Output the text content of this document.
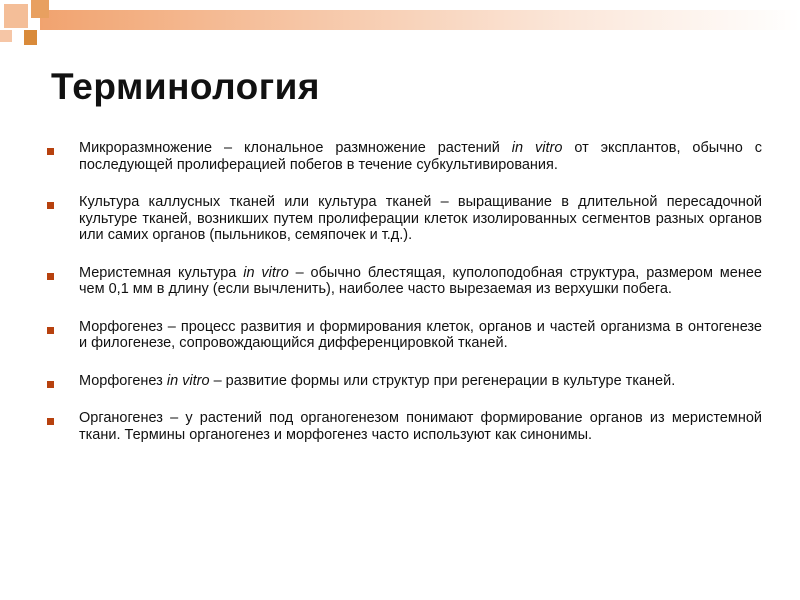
Терминология
Микроразмножение – клональное размножение растений in vitro от эксплантов, обычно с последующей пролиферацией побегов в течение субкультивирования.
Культура каллусных тканей или культура тканей – выращивание в длительной пересадочной культуре тканей, возникших путем пролиферации клеток изолированных сегментов разных органов или самих органов (пыльников, семяпочек и т.д.).
Меристемная культура in vitro – обычно блестящая, куполоподобная структура, размером менее чем 0,1 мм в длину (если вычленить), наиболее часто вырезаемая из верхушки побега.
Морфогенез – процесс развития и формирования клеток, органов и частей организма в онтогенезе и филогенезе, сопровождающийся дифференцировкой тканей.
Морфогенез in vitro – развитие формы или структур при регенерации в культуре тканей.
Органогенез – у растений под органогенезом понимают формирование органов из меристемной ткани. Термины органогенез и морфогенез часто используют как синонимы.
